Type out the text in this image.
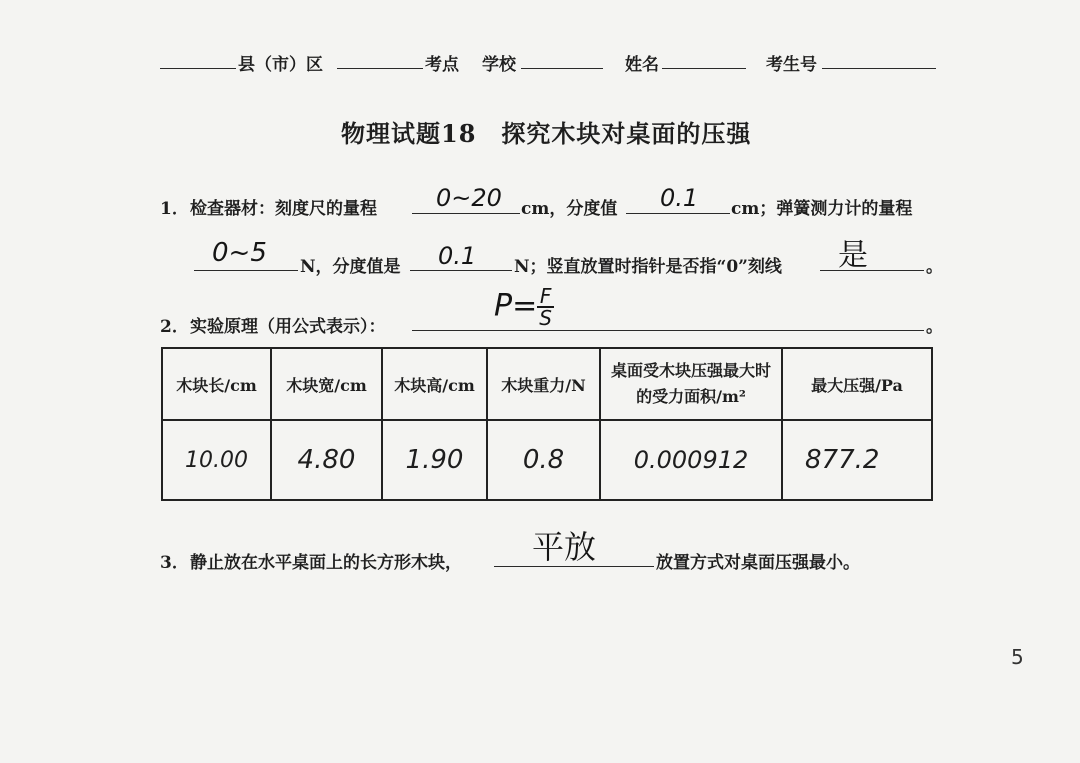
县（市）区	考点 学校	姓名	考生号
物理试题18　探究木块对桌面的压强
1． 检查器材：刻度尺的量程 0~20 cm，分度值 0.1 cm；弹簧测力计的量程
0~5 N，分度值是 0.1 N；竖直放置时指针是否指“0”刻线 是	。
2． 实验原理（用公式表示）：
$P= \frac{F}{S}$	。
木块长/cm	木块宽/cm	木块高/cm	木块重力/N	桌面受木块压强最大时的受力面积/m²	最大压强/Pa
10.00	4.80	1.90	0.8	0.000912	877.2
3． 静止放在水平桌面上的长方形木块， 平放	放置方式对桌面压强最小。
5
